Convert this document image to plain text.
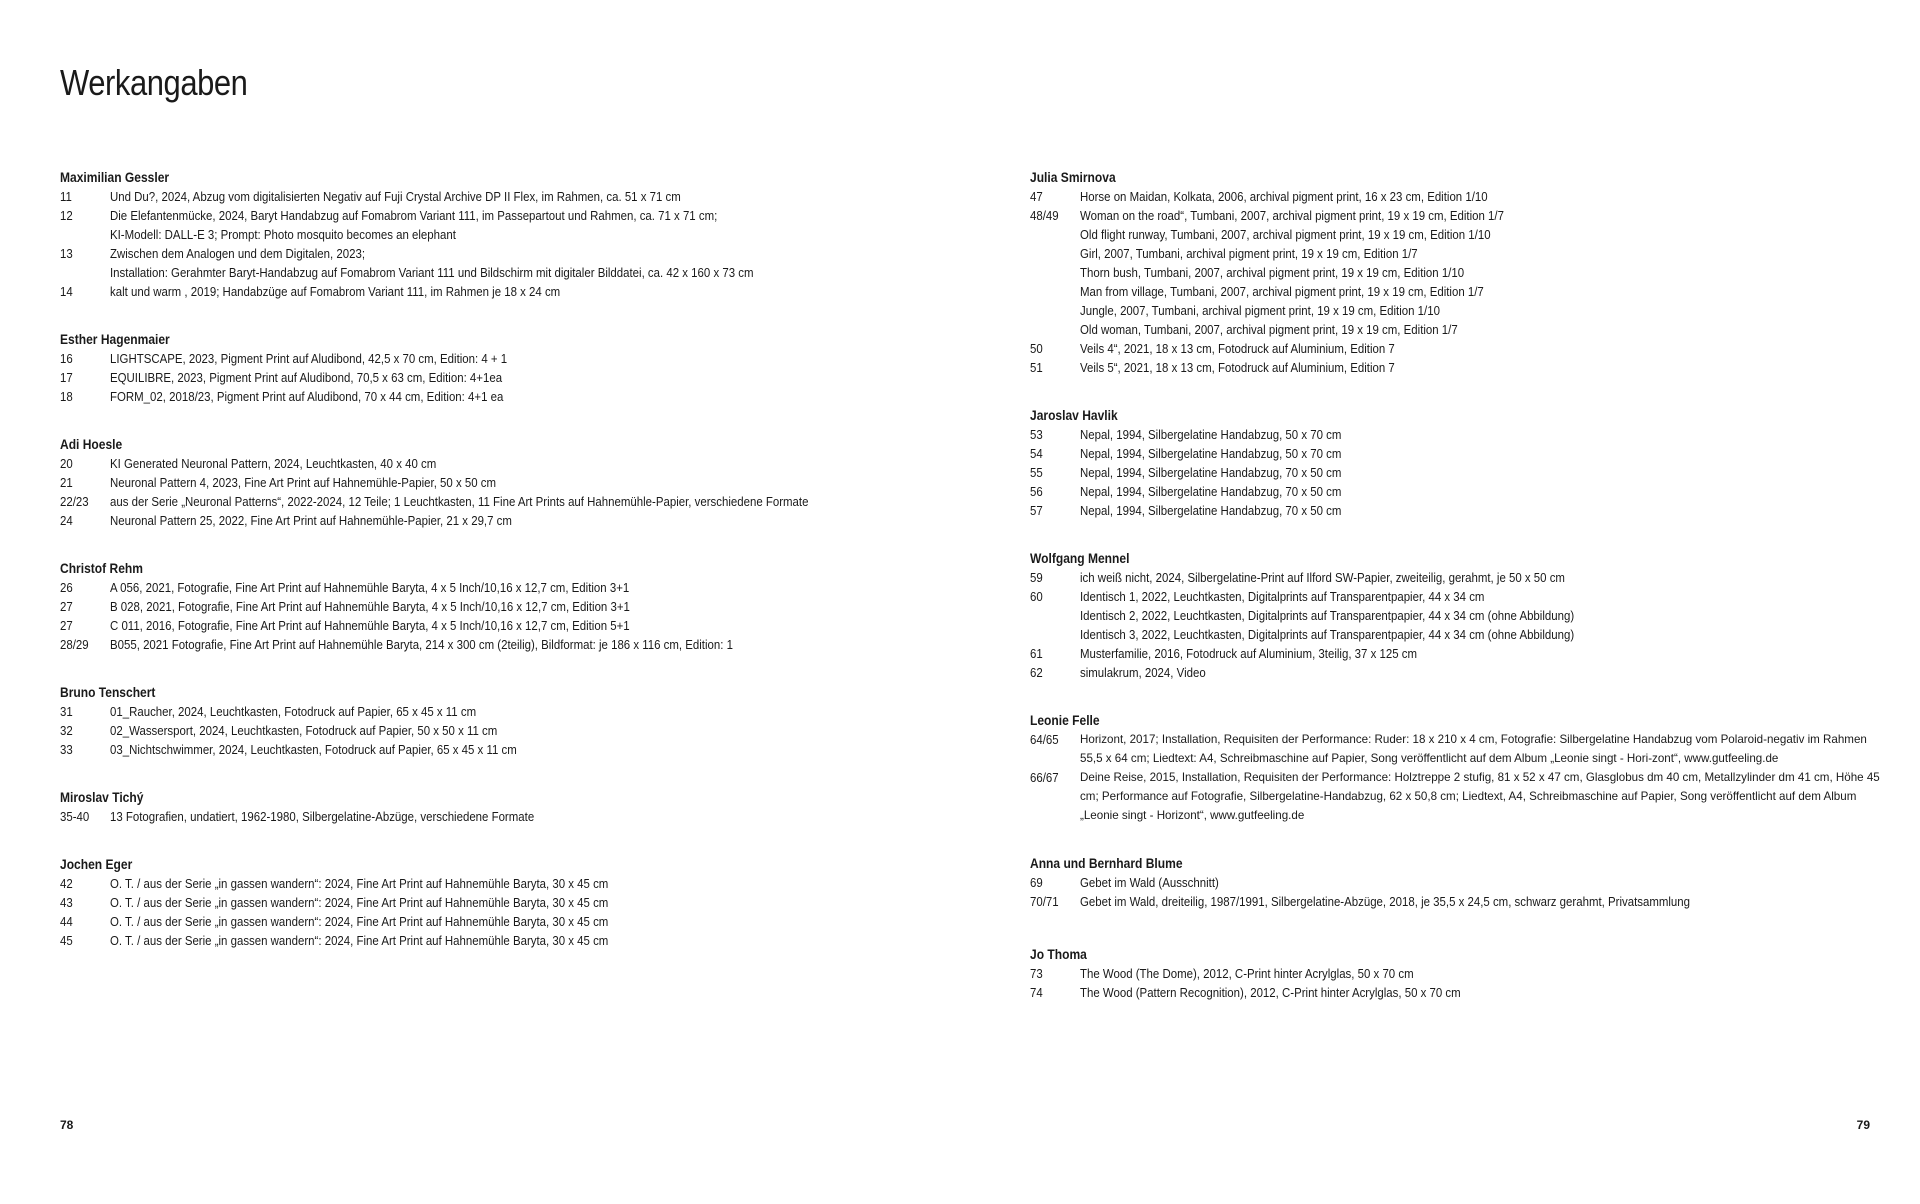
Werkangaben
Maximilian Gessler
11	Und Du?, 2024, Abzug vom digitalisierten Negativ auf Fuji Crystal Archive DP II Flex, im Rahmen, ca. 51 x 71 cm
12	Die Elefantenmücke, 2024, Baryt Handabzug auf Fomabrom Variant 111, im Passepartout und Rahmen, ca. 71 x 71 cm;
KI-Modell: DALL-E 3; Prompt: Photo mosquito becomes an elephant
13	Zwischen dem Analogen und dem Digitalen, 2023;
Installation: Gerahmter Baryt-Handabzug auf Fomabrom Variant 111 und Bildschirm mit digitaler Bilddatei, ca. 42 x 160 x 73 cm
14	kalt und warm , 2019; Handabzüge auf Fomabrom Variant 111, im Rahmen je 18 x 24 cm
Esther Hagenmaier
16	LIGHTSCAPE, 2023, Pigment Print auf Aludibond, 42,5 x 70 cm, Edition: 4 + 1
17	EQUILIBRE, 2023, Pigment Print auf Aludibond, 70,5 x 63 cm, Edition: 4+1ea
18	FORM_02, 2018/23, Pigment Print auf Aludibond, 70 x 44 cm, Edition: 4+1 ea
Adi Hoesle
20	KI Generated Neuronal Pattern, 2024, Leuchtkasten, 40 x 40 cm
21	Neuronal Pattern 4, 2023, Fine Art Print auf Hahnemühle-Papier, 50 x 50 cm
22/23	aus der Serie „Neuronal Patterns“, 2022-2024, 12 Teile; 1 Leuchtkasten, 11 Fine Art Prints auf Hahnemühle-Papier, verschiedene Formate
24	Neuronal Pattern 25, 2022, Fine Art Print auf Hahnemühle-Papier, 21 x 29,7 cm
Christof Rehm
26	A 056, 2021, Fotografie, Fine Art Print auf Hahnemühle Baryta, 4 x 5 Inch/10,16 x 12,7 cm, Edition 3+1
27	B 028, 2021, Fotografie, Fine Art Print auf Hahnemühle Baryta, 4 x 5 Inch/10,16 x 12,7 cm, Edition 3+1
27	C 011, 2016, Fotografie, Fine Art Print auf Hahnemühle Baryta, 4 x 5 Inch/10,16 x 12,7 cm, Edition 5+1
28/29	B055, 2021 Fotografie, Fine Art Print auf Hahnemühle Baryta, 214 x 300 cm (2teilig), Bildformat: je 186 x 116 cm, Edition: 1
Bruno Tenschert
31	01_Raucher, 2024, Leuchtkasten, Fotodruck auf Papier, 65 x 45 x 11 cm
32	02_Wassersport, 2024, Leuchtkasten, Fotodruck auf Papier, 50 x 50 x 11 cm
33	03_Nichtschwimmer, 2024, Leuchtkasten, Fotodruck auf Papier, 65 x 45 x 11 cm
Miroslav Tichý
35-40	13 Fotografien, undatiert, 1962-1980, Silbergelatine-Abzüge, verschiedene Formate
Jochen Eger
42	O. T. / aus der Serie „in gassen wandern“: 2024, Fine Art Print auf Hahnemühle Baryta, 30 x 45 cm
43	O. T. / aus der Serie „in gassen wandern“: 2024, Fine Art Print auf Hahnemühle Baryta, 30 x 45 cm
44	O. T. / aus der Serie „in gassen wandern“: 2024, Fine Art Print auf Hahnemühle Baryta, 30 x 45 cm
45	O. T. / aus der Serie „in gassen wandern“: 2024, Fine Art Print auf Hahnemühle Baryta, 30 x 45 cm
78
Julia Smirnova
47	Horse on Maidan, Kolkata, 2006, archival pigment print, 16 x 23 cm, Edition 1/10
48/49	Woman on the road“, Tumbani, 2007, archival pigment print, 19 x 19 cm, Edition 1/7
Old flight runway, Tumbani, 2007, archival pigment print, 19 x 19 cm, Edition 1/10
Girl, 2007, Tumbani, archival pigment print, 19 x 19 cm, Edition 1/7
Thorn bush, Tumbani, 2007, archival pigment print, 19 x 19 cm, Edition 1/10
Man from village, Tumbani, 2007, archival pigment print, 19 x 19 cm, Edition 1/7
Jungle, 2007, Tumbani, archival pigment print, 19 x 19 cm, Edition 1/10
Old woman, Tumbani, 2007, archival pigment print, 19 x 19 cm, Edition 1/7
50	Veils 4“, 2021, 18 x 13 cm, Fotodruck auf Aluminium, Edition 7
51	Veils 5“, 2021, 18 x 13 cm, Fotodruck auf Aluminium, Edition 7
Jaroslav Havlik
53	Nepal, 1994, Silbergelatine Handabzug, 50 x 70 cm
54	Nepal, 1994, Silbergelatine Handabzug, 50 x 70 cm
55	Nepal, 1994, Silbergelatine Handabzug, 70 x 50 cm
56	Nepal, 1994, Silbergelatine Handabzug, 70 x 50 cm
57	Nepal, 1994, Silbergelatine Handabzug, 70 x 50 cm
Wolfgang Mennel
59	ich weiß nicht, 2024, Silbergelatine-Print auf Ilford SW-Papier, zweiteilig, gerahmt, je 50 x 50 cm
60	Identisch 1, 2022, Leuchtkasten, Digitalprints auf Transparentpapier, 44 x 34 cm
Identisch 2, 2022, Leuchtkasten, Digitalprints auf Transparentpapier, 44 x 34 cm (ohne Abbildung)
Identisch 3, 2022, Leuchtkasten, Digitalprints auf Transparentpapier, 44 x 34 cm (ohne Abbildung)
61	Musterfamilie, 2016, Fotodruck auf Aluminium, 3teilig, 37 x 125 cm
62	simulakrum, 2024, Video
Leonie Felle
64/65	Horizont, 2017; Installation, Requisiten der Performance: Ruder: 18 x 210 x 4 cm, Fotografie: Silbergelatine Handabzug vom Polaroid-negativ im Rahmen 55,5 x 64 cm; Liedtext: A4, Schreibmaschine auf Papier, Song veröffentlicht auf dem Album „Leonie singt - Hori-zont“, www.gutfeeling.de
66/67	Deine Reise, 2015, Installation, Requisiten der Performance: Holztreppe 2 stufig, 81 x 52 x 47 cm, Glasglobus dm 40 cm, Metallzylinder dm 41 cm, Höhe 45 cm; Performance auf Fotografie, Silbergelatine-Handabzug, 62 x 50,8 cm; Liedtext, A4, Schreibmaschine auf Papier, Song veröffentlicht auf dem Album „Leonie singt - Horizont“, www.gutfeeling.de
Anna und Bernhard Blume
69	Gebet im Wald (Ausschnitt)
70/71	Gebet im Wald, dreiteilig, 1987/1991, Silbergelatine-Abzüge, 2018, je 35,5 x 24,5 cm, schwarz gerahmt, Privatsammlung
Jo Thoma
73	The Wood (The Dome), 2012, C-Print hinter Acrylglas, 50 x 70 cm
74	The Wood (Pattern Recognition), 2012, C-Print hinter Acrylglas, 50 x 70 cm
79
